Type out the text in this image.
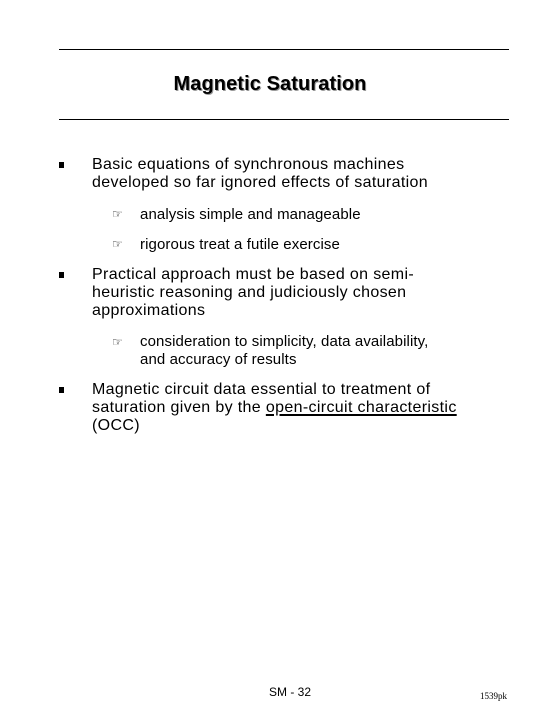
Magnetic Saturation
Basic equations of synchronous machines
developed so far ignored effects of saturation
☞ analysis simple and manageable
☞ rigorous treat a futile exercise
Practical approach must be based on semi-
heuristic reasoning and judiciously chosen
approximations
☞ consideration to simplicity, data availability,
and accuracy of results
Magnetic circuit data essential to treatment of
saturation given by the open-circuit characteristic
(OCC)
SM - 32	1539pk
